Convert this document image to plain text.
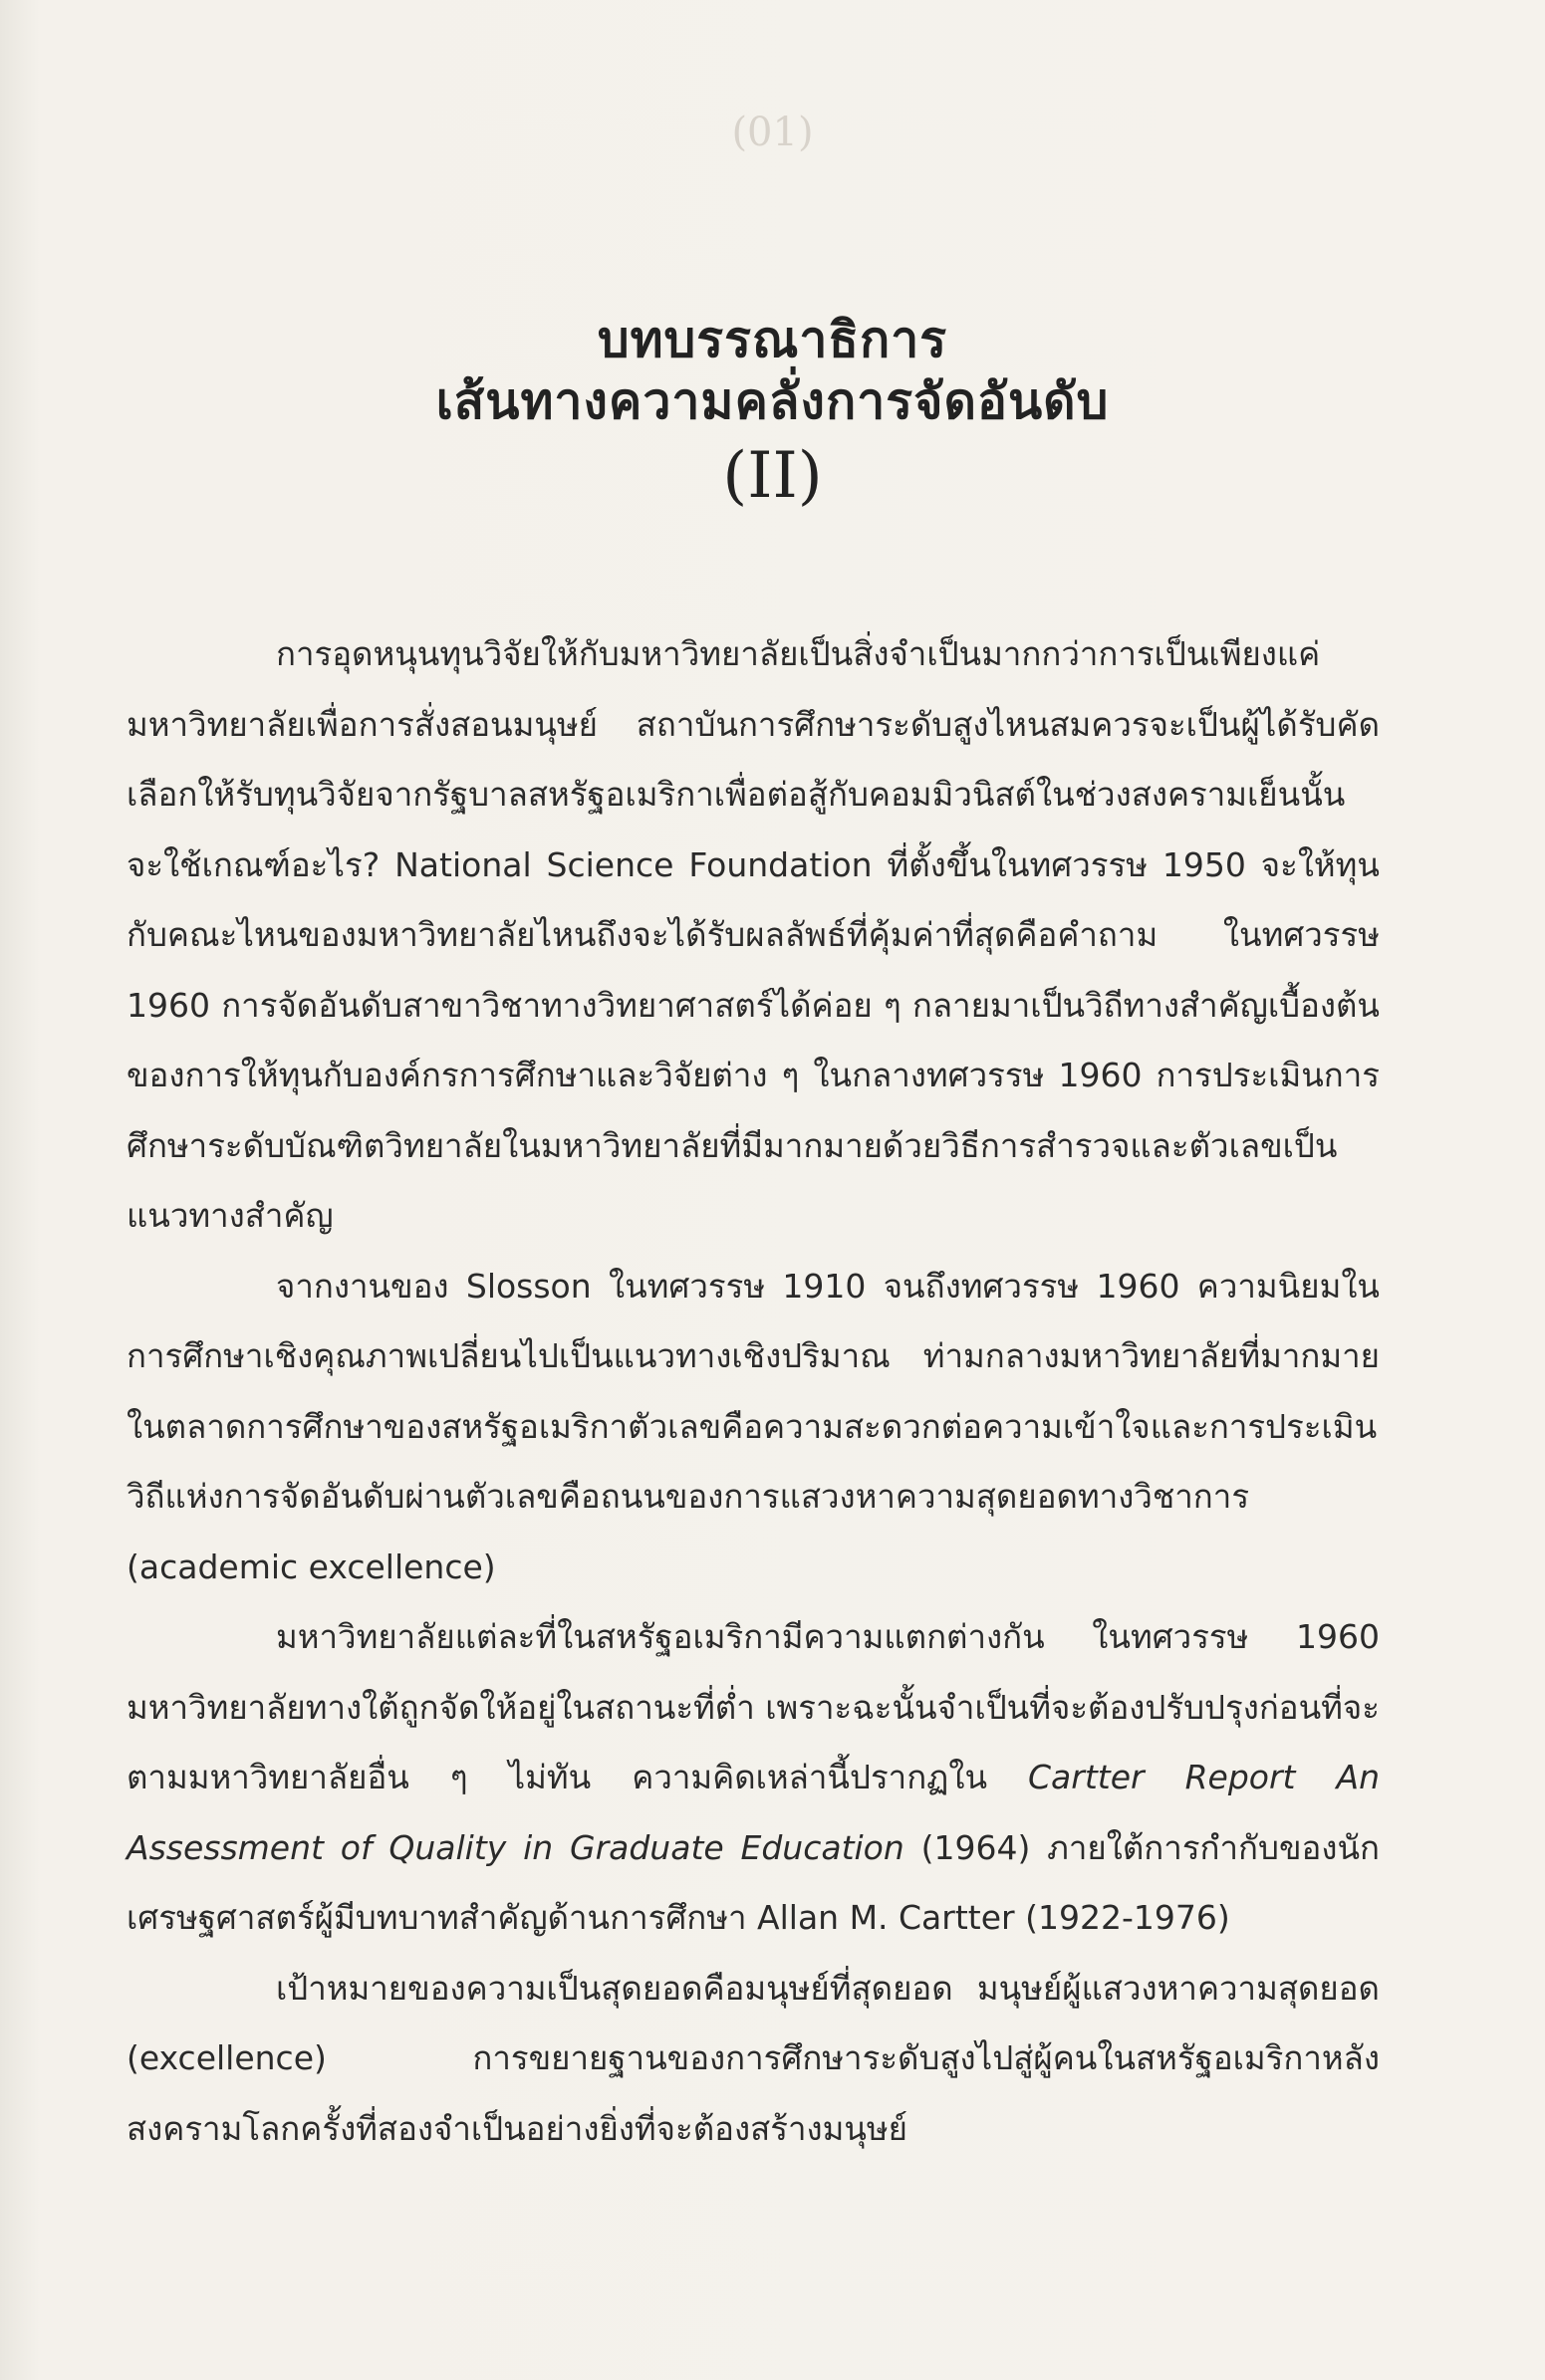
(01)
บทบรรณาธิการ
เส้นทางความคลั่งการจัดอันดับ
(II)

การอุดหนุนทุนวิจัยให้กับมหาวิทยาลัยเป็นสิ่งจำเป็นมากกว่าการเป็นเพียงแค่มหาวิทยาลัยเพื่อการสั่งสอนมนุษย์ สถาบันการศึกษาระดับสูงไหนสมควรจะเป็นผู้ได้รับคัดเลือกให้รับทุนวิจัยจากรัฐบาลสหรัฐอเมริกาเพื่อต่อสู้กับคอมมิวนิสต์ในช่วงสงครามเย็นนั้นจะใช้เกณฑ์อะไร? National Science Foundation ที่ตั้งขึ้นในทศวรรษ 1950 จะให้ทุนกับคณะไหนของมหาวิทยาลัยไหนถึงจะได้รับผลลัพธ์ที่คุ้มค่าที่สุดคือคำถาม ในทศวรรษ 1960 การจัดอันดับสาขาวิชาทางวิทยาศาสตร์ได้ค่อย ๆ กลายมาเป็นวิถีทางสำคัญเบื้องต้นของการให้ทุนกับองค์กรการศึกษาและวิจัยต่าง ๆ ในกลางทศวรรษ 1960 การประเมินการศึกษาระดับบัณฑิตวิทยาลัยในมหาวิทยาลัยที่มีมากมายด้วยวิธีการสำรวจและตัวเลขเป็นแนวทางสำคัญ

จากงานของ Slosson ในทศวรรษ 1910 จนถึงทศวรรษ 1960 ความนิยมในการศึกษาเชิงคุณภาพเปลี่ยนไปเป็นแนวทางเชิงปริมาณ ท่ามกลางมหาวิทยาลัยที่มากมายในตลาดการศึกษาของสหรัฐอเมริกาตัวเลขคือความสะดวกต่อความเข้าใจและการประเมิน วิถีแห่งการจัดอันดับผ่านตัวเลขคือถนนของการแสวงหาความสุดยอดทางวิชาการ (academic excellence)

มหาวิทยาลัยแต่ละที่ในสหรัฐอเมริกามีความแตกต่างกัน ในทศวรรษ 1960 มหาวิทยาลัยทางใต้ถูกจัดให้อยู่ในสถานะที่ต่ำ เพราะฉะนั้นจำเป็นที่จะต้องปรับปรุงก่อนที่จะตามมหาวิทยาลัยอื่น ๆ ไม่ทัน ความคิดเหล่านี้ปรากฏใน Cartter Report An Assessment of Quality in Graduate Education (1964) ภายใต้การกำกับของนักเศรษฐศาสตร์ผู้มีบทบาทสำคัญด้านการศึกษา Allan M. Cartter (1922-1976)

เป้าหมายของความเป็นสุดยอดคือมนุษย์ที่สุดยอด มนุษย์ผู้แสวงหาความสุดยอด (excellence) การขยายฐานของการศึกษาระดับสูงไปสู่ผู้คนในสหรัฐอเมริกาหลังสงครามโลกครั้งที่สองจำเป็นอย่างยิ่งที่จะต้องสร้างมนุษย์
